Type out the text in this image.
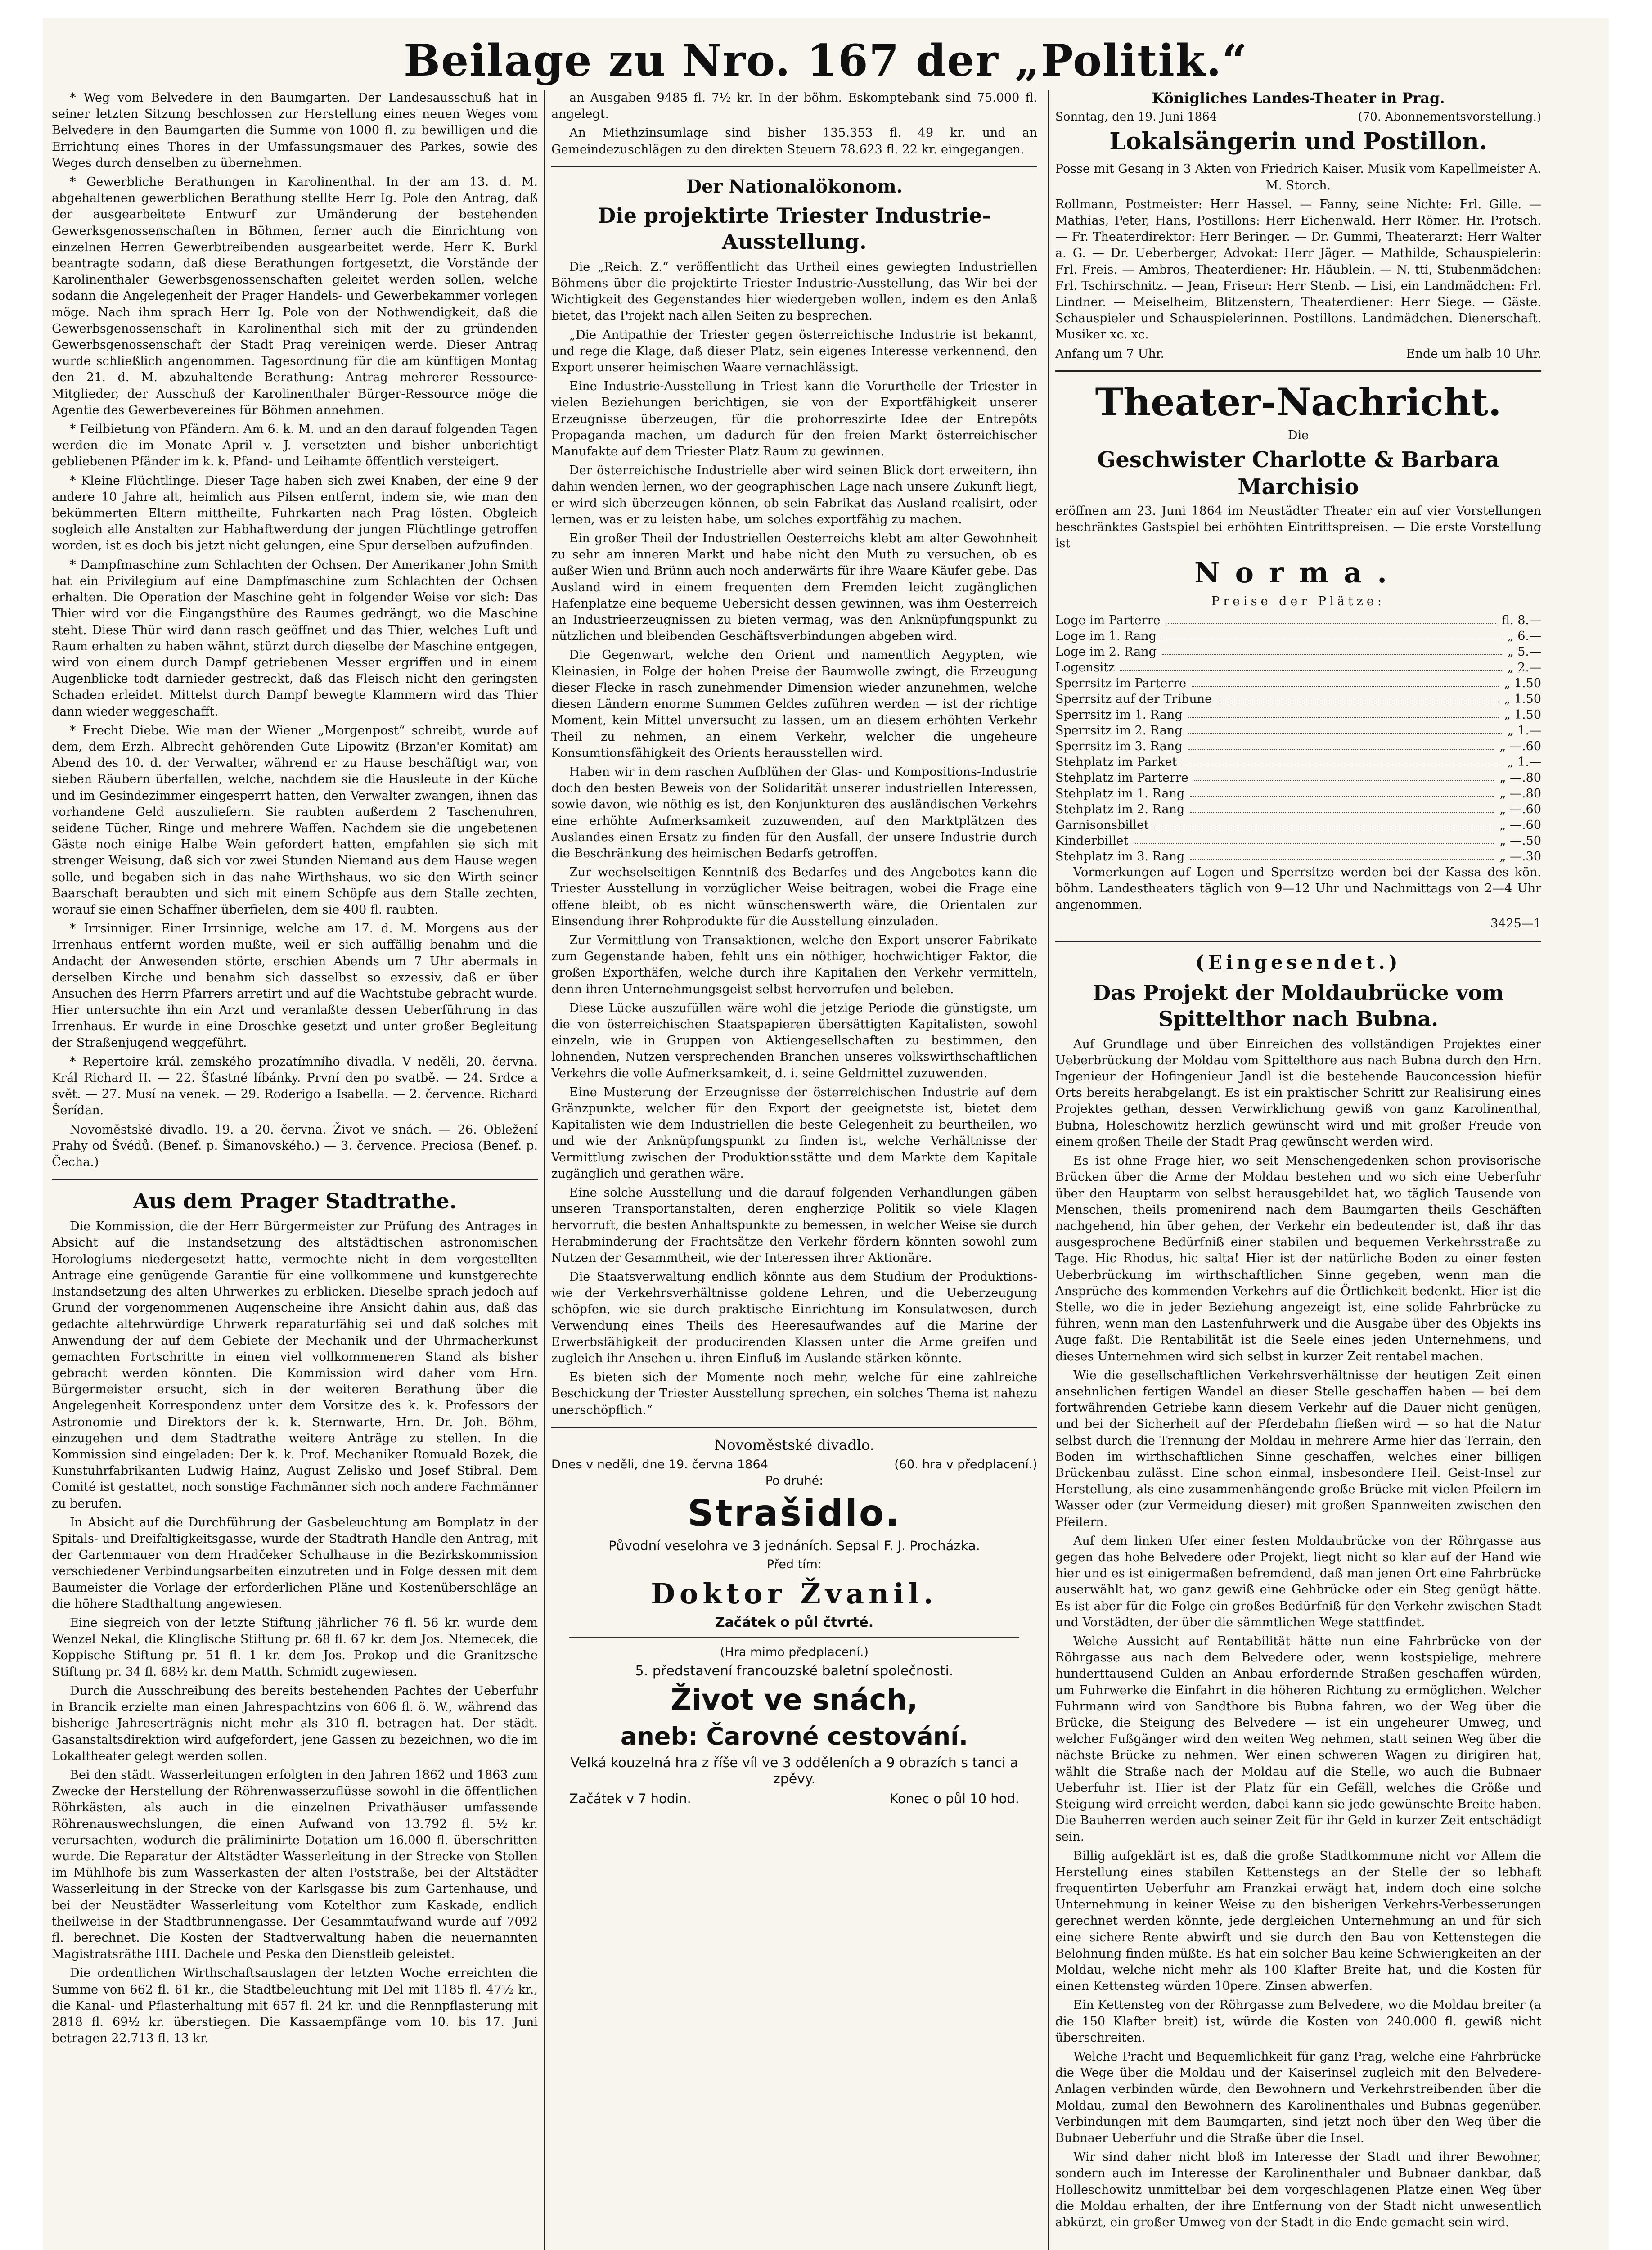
Beilage zu Nro. 167 der „Politik.“

* Weg vom Belvedere in den Baumgarten. Der Landesausschuß hat in seiner letzten Sitzung beschlossen zur Herstellung eines neuen Weges vom Belvedere in den Baumgarten die Summe von 1000 fl. zu bewilligen und die Errichtung eines Thores in der Umfassungsmauer des Parkes, sowie des Weges durch denselben zu übernehmen.

* Gewerbliche Berathungen in Karolinenthal. In der am 13. d. M. abgehaltenen gewerblichen Berathung stellte Herr Ig. Pole den Antrag, daß der ausgearbeitete Entwurf zur Umänderung der bestehenden Gewerksgenossenschaften in Böhmen, ferner auch die Einrichtung von einzelnen Herren Gewerbtreibenden ausgearbeitet werde. Herr K. Burkl beantragte sodann, daß diese Berathungen fortgesetzt, die Vorstände der Karolinenthaler Gewerbsgenossenschaften geleitet werden sollen, welche sodann die Angelegenheit der Prager Handels- und Gewerbekammer vorlegen möge. Nach ihm sprach Herr Ig. Pole von der Nothwendigkeit, daß die Gewerbsgenossenschaft in Karolinenthal sich mit der zu gründenden Gewerbsgenossenschaft der Stadt Prag vereinigen werde. Dieser Antrag wurde schließlich angenommen. Tagesordnung für die am künftigen Montag den 21. d. M. abzuhaltende Berathung: Antrag mehrerer Ressource-Mitglieder, der Ausschuß der Karolinenthaler Bürger-Ressource möge die Agentie des Gewerbevereines für Böhmen annehmen.

* Feilbietung von Pfändern. Am 6. k. M. und an den darauf folgenden Tagen werden die im Monate April v. J. versetzten und bisher unberichtigt gebliebenen Pfänder im k. k. Pfand- und Leihamte öffentlich versteigert.

* Kleine Flüchtlinge. Dieser Tage haben sich zwei Knaben, der eine 9 der andere 10 Jahre alt, heimlich aus Pilsen entfernt, indem sie, wie man den bekümmerten Eltern mittheilte, Fuhrkarten nach Prag lösten. Obgleich sogleich alle Anstalten zur Habhaftwerdung der jungen Flüchtlinge getroffen worden, ist es doch bis jetzt nicht gelungen, eine Spur derselben aufzufinden.

* Dampfmaschine zum Schlachten der Ochsen. Der Amerikaner John Smith hat ein Privilegium auf eine Dampfmaschine zum Schlachten der Ochsen erhalten. Die Operation der Maschine geht in folgender Weise vor sich: Das Thier wird vor die Eingangsthüre des Raumes gedrängt, wo die Maschine steht. Diese Thür wird dann rasch geöffnet und das Thier, welches Luft und Raum erhalten zu haben wähnt, stürzt durch dieselbe der Maschine entgegen, wird von einem durch Dampf getriebenen Messer ergriffen und in einem Augenblicke todt darnieder gestreckt, daß das Fleisch nicht den geringsten Schaden erleidet. Mittelst durch Dampf bewegte Klammern wird das Thier dann wieder weggeschafft.

* Frecht Diebe. Wie man der Wiener „Morgenpost“ schreibt, wurde auf dem, dem Erzh. Albrecht gehörenden Gute Lipowitz (Brzan'er Komitat) am Abend des 10. d. der Verwalter, während er zu Hause beschäftigt war, von sieben Räubern überfallen, welche, nachdem sie die Hausleute in der Küche und im Gesindezimmer eingesperrt hatten, den Verwalter zwangen, ihnen das vorhandene Geld auszuliefern. Sie raubten außerdem 2 Taschenuhren, seidene Tücher, Ringe und mehrere Waffen. Nachdem sie die ungebetenen Gäste noch einige Halbe Wein gefordert hatten, empfahlen sie sich mit strenger Weisung, daß sich vor zwei Stunden Niemand aus dem Hause wegen solle, und begaben sich in das nahe Wirthshaus, wo sie den Wirth seiner Baarschaft beraubten und sich mit einem Schöpfe aus dem Stalle zechten, worauf sie einen Schaffner überfielen, dem sie 400 fl. raubten.

* Irrsinniger. Einer Irrsinnige, welche am 17. d. M. Morgens aus der Irrenhaus entfernt worden mußte, weil er sich auffällig benahm und die Andacht der Anwesenden störte, erschien Abends um 7 Uhr abermals in derselben Kirche und benahm sich dasselbst so exzessiv, daß er über Ansuchen des Herrn Pfarrers arretirt und auf die Wachtstube gebracht wurde. Hier untersuchte ihn ein Arzt und veranlaßte dessen Ueberführung in das Irrenhaus. Er wurde in eine Droschke gesetzt und unter großer Begleitung der Straßenjugend weggeführt.

* Repertoire král. zemského prozatímního divadla. V neděli, 20. června. Král Richard II. — 22. Šťastné líbánky. První den po svatbě. — 24. Srdce a svět. — 27. Musí na venek. — 29. Roderigo a Isabella. — 2. července. Richard Šerídan.

Novoměstské divadlo. 19. a 20. června. Život ve snách. — 26. Obležení Prahy od Švédů. (Benef. p. Šimanovského.) — 3. července. Preciosa (Benef. p. Čecha.)

Aus dem Prager Stadtrathe.

Die Kommission, die der Herr Bürgermeister zur Prüfung des Antrages in Absicht auf die Instandsetzung des altstädtischen astronomischen Horologiums niedergesetzt hatte, vermochte nicht in dem vorgestellten Antrage eine genügende Garantie für eine vollkommene und kunstgerechte Instandsetzung des alten Uhrwerkes zu erblicken. Dieselbe sprach jedoch auf Grund der vorgenommenen Augenscheine ihre Ansicht dahin aus, daß das gedachte altehrwürdige Uhrwerk reparaturfähig sei und daß solches mit Anwendung der auf dem Gebiete der Mechanik und der Uhrmacherkunst gemachten Fortschritte in einen viel vollkommeneren Stand als bisher gebracht werden könnten. Die Kommission wird daher vom Hrn. Bürgermeister ersucht, sich in der weiteren Berathung über die Angelegenheit Korrespondenz unter dem Vorsitze des k. k. Professors der Astronomie und Direktors der k. k. Sternwarte, Hrn. Dr. Joh. Böhm, einzugehen und dem Stadtrathe weitere Anträge zu stellen. In die Kommission sind eingeladen: Der k. k. Prof. Mechaniker Romuald Bozek, die Kunstuhrfabrikanten Ludwig Hainz, August Zelisko und Josef Stibral. Dem Comité ist gestattet, noch sonstige Fachmänner sich noch andere Fachmänner zu berufen.

In Absicht auf die Durchführung der Gasbeleuchtung am Bomplatz in der Spitals- und Dreifaltigkeitsgasse, wurde der Stadtrath Handle den Antrag, mit der Gartenmauer von dem Hradčeker Schulhause in die Bezirkskommission verschiedener Verbindungsarbeiten einzutreten und in Folge dessen mit dem Baumeister die Vorlage der erforderlichen Pläne und Kostenüberschläge an die höhere Stadthaltung angewiesen.

Eine siegreich von der letzte Stiftung jährlicher 76 fl. 56 kr. wurde dem Wenzel Nekal, die Klinglische Stiftung pr. 68 fl. 67 kr. dem Jos. Ntemecek, die Koppische Stiftung pr. 51 fl. 1 kr. dem Jos. Prokop und die Granitzsche Stiftung pr. 34 fl. 68½ kr. dem Matth. Schmidt zugewiesen.

Durch die Ausschreibung des bereits bestehenden Pachtes der Ueberfuhr in Brancik erzielte man einen Jahrespachtzins von 606 fl. ö. W., während das bisherige Jahreserträgnis nicht mehr als 310 fl. betragen hat. Der städt. Gasanstaltsdirektion wird aufgefordert, jene Gassen zu bezeichnen, wo die im Lokaltheater gelegt werden sollen.

Bei den städt. Wasserleitungen erfolgten in den Jahren 1862 und 1863 zum Zwecke der Herstellung der Röhrenwasserzuflüsse sowohl in die öffentlichen Röhrkästen, als auch in die einzelnen Privathäuser umfassende Röhrenauswechslungen, die einen Aufwand von 13.792 fl. 5½ kr. verursachten, wodurch die präliminirte Dotation um 16.000 fl. überschritten wurde. Die Reparatur der Altstädter Wasserleitung in der Strecke von Stollen im Mühlhofe bis zum Wasserkasten der alten Poststraße, bei der Altstädter Wasserleitung in der Strecke von der Karlsgasse bis zum Gartenhause, und bei der Neustädter Wasserleitung vom Kotelthor zum Kaskade, endlich theilweise in der Stadtbrunnengasse. Der Gesammtaufwand wurde auf 7092 fl. berechnet. Die Kosten der Stadtverwaltung haben die neuernannten Magistratsräthe HH. Dachele und Peska den Dienstleib geleistet.

Die ordentlichen Wirthschaftsauslagen der letzten Woche erreichten die Summe von 662 fl. 61 kr., die Stadtbeleuchtung mit Del mit 1185 fl. 47½ kr., die Kanal- und Pflasterhaltung mit 657 fl. 24 kr. und die Rennpflasterung mit 2818 fl. 69½ kr. überstiegen. Die Kassaempfänge vom 10. bis 17. Juni betragen 22.713 fl. 13 kr.

an Ausgaben 9485 fl. 7½ kr. In der böhm. Eskomptebank sind 75.000 fl. angelegt.

An Miethzinsumlage sind bisher 135.353 fl. 49 kr. und an Gemeindezuschlägen zu den direkten Steuern 78.623 fl. 22 kr. eingegangen.

Der Nationalökonom.
Die projektirte Triester Industrie-Ausstellung.

Die „Reich. Z.“ veröffentlicht das Urtheil eines gewiegten Industriellen Böhmens über die projektirte Triester Industrie-Ausstellung, das Wir bei der Wichtigkeit des Gegenstandes hier wiedergeben wollen, indem es den Anlaß bietet, das Projekt nach allen Seiten zu besprechen.

„Die Antipathie der Triester gegen österreichische Industrie ist bekannt, und rege die Klage, daß dieser Platz, sein eigenes Interesse verkennend, den Export unserer heimischen Waare vernachlässigt.

Eine Industrie-Ausstellung in Triest kann die Vorurtheile der Triester in vielen Beziehungen berichtigen, sie von der Exportfähigkeit unserer Erzeugnisse überzeugen, für die prohorreszirte Idee der Entrepôts Propaganda machen, um dadurch für den freien Markt österreichischer Manufakte auf dem Triester Platz Raum zu gewinnen.

Der österreichische Industrielle aber wird seinen Blick dort erweitern, ihn dahin wenden lernen, wo der geographischen Lage nach unsere Zukunft liegt, er wird sich überzeugen können, ob sein Fabrikat das Ausland realisirt, oder lernen, was er zu leisten habe, um solches exportfähig zu machen.

Ein großer Theil der Industriellen Oesterreichs klebt am alter Gewohnheit zu sehr am inneren Markt und habe nicht den Muth zu versuchen, ob es außer Wien und Brünn auch noch anderwärts für ihre Waare Käufer gebe. Das Ausland wird in einem frequenten dem Fremden leicht zugänglichen Hafenplatze eine bequeme Uebersicht dessen gewinnen, was ihm Oesterreich an Industrieerzeugnissen zu bieten vermag, was den Anknüpfungspunkt zu nützlichen und bleibenden Geschäftsverbindungen abgeben wird.

Die Gegenwart, welche den Orient und namentlich Aegypten, wie Kleinasien, in Folge der hohen Preise der Baumwolle zwingt, die Erzeugung dieser Flecke in rasch zunehmender Dimension wieder anzunehmen, welche diesen Ländern enorme Summen Geldes zuführen werden — ist der richtige Moment, kein Mittel unversucht zu lassen, um an diesem erhöhten Verkehr Theil zu nehmen, an einem Verkehr, welcher die ungeheure Konsumtionsfähigkeit des Orients herausstellen wird.

Haben wir in dem raschen Aufblühen der Glas- und Kompositions-Industrie doch den besten Beweis von der Solidarität unserer industriellen Interessen, sowie davon, wie nöthig es ist, den Konjunkturen des ausländischen Verkehrs eine erhöhte Aufmerksamkeit zuzuwenden, auf den Marktplätzen des Auslandes einen Ersatz zu finden für den Ausfall, der unsere Industrie durch die Beschränkung des heimischen Bedarfs getroffen.

Zur wechselseitigen Kenntniß des Bedarfes und des Angebotes kann die Triester Ausstellung in vorzüglicher Weise beitragen, wobei die Frage eine offene bleibt, ob es nicht wünschenswerth wäre, die Orientalen zur Einsendung ihrer Rohprodukte für die Ausstellung einzuladen.

Zur Vermittlung von Transaktionen, welche den Export unserer Fabrikate zum Gegenstande haben, fehlt uns ein nöthiger, hochwichtiger Faktor, die großen Exporthäfen, welche durch ihre Kapitalien den Verkehr vermitteln, denn ihren Unternehmungsgeist selbst hervorrufen und beleben.

Diese Lücke auszufüllen wäre wohl die jetzige Periode die günstigste, um die von österreichischen Staatspapieren übersättigten Kapitalisten, sowohl einzeln, wie in Gruppen von Aktiengesellschaften zu bestimmen, den lohnenden, Nutzen versprechenden Branchen unseres volkswirthschaftlichen Verkehrs die volle Aufmerksamkeit, d. i. seine Geldmittel zuzuwenden.

Eine Musterung der Erzeugnisse der österreichischen Industrie auf dem Gränzpunkte, welcher für den Export der geeignetste ist, bietet dem Kapitalisten wie dem Industriellen die beste Gelegenheit zu beurtheilen, wo und wie der Anknüpfungspunkt zu finden ist, welche Verhältnisse der Vermittlung zwischen der Produktionsstätte und dem Markte dem Kapitale zugänglich und gerathen wäre.

Eine solche Ausstellung und die darauf folgenden Verhandlungen gäben unseren Transportanstalten, deren engherzige Politik so viele Klagen hervorruft, die besten Anhaltspunkte zu bemessen, in welcher Weise sie durch Herabminderung der Frachtsätze den Verkehr fördern könnten sowohl zum Nutzen der Gesammtheit, wie der Interessen ihrer Aktionäre.

Die Staatsverwaltung endlich könnte aus dem Studium der Produktions- wie der Verkehrsverhältnisse goldene Lehren, und die Ueberzeugung schöpfen, wie sie durch praktische Einrichtung im Konsulatwesen, durch Verwendung eines Theils des Heeresaufwandes auf die Marine der Erwerbsfähigkeit der producirenden Klassen unter die Arme greifen und zugleich ihr Ansehen u. ihren Einfluß im Auslande stärken könnte.

Es bieten sich der Momente noch mehr, welche für eine zahlreiche Beschickung der Triester Ausstellung sprechen, ein solches Thema ist nahezu unerschöpflich.“

Novoměstské divadlo.

Dnes v neděli, dne 19. června 1864	(60. hra v předplacení.)

Po druhé:

Strašidlo.

Původní veselohra ve 3 jednáních. Sepsal F. J. Procházka.

Před tím:

Doktor Žvanil.

Začátek o půl čtvrté.

(Hra mimo předplacení.)

5. představení francouzské baletní společnosti.

Život ve snách,

aneb: Čarovné cestování.

Velká kouzelná hra z říše víl ve 3 odděleních a 9 obrazích s tanci a zpěvy.

Začátek v 7 hodin.	Konec o půl 10 hod.

Königliches Landes-Theater in Prag.

Sonntag, den 19. Juni 1864	(70. Abonnementsvorstellung.)

Lokalsängerin und Postillon.

Posse mit Gesang in 3 Akten von Friedrich Kaiser. Musik vom Kapellmeister A. M. Storch.

Rollmann, Postmeister: Herr Hassel. — Fanny, seine Nichte: Frl. Gille. — Mathias, Peter, Hans, Postillons: Herr Eichenwald. Herr Römer. Hr. Protsch. — Fr. Theaterdirektor: Herr Beringer. — Dr. Gummi, Theaterarzt: Herr Walter a. G. — Dr. Ueberberger, Advokat: Herr Jäger. — Mathilde, Schauspielerin: Frl. Freis. — Ambros, Theaterdiener: Hr. Häublein. — N. tti, Stubenmädchen: Frl. Tschirschnitz. — Jean, Friseur: Herr Stenb. — Lisi, ein Landmädchen: Frl. Lindner. — Meiselheim, Blitzenstern, Theaterdiener: Herr Siege. — Gäste. Schauspieler und Schauspielerinnen. Postillons. Landmädchen. Dienerschaft. Musiker xc. xc.

Anfang um 7 Uhr.	Ende um halb 10 Uhr.

Theater-Nachricht.

Die

Geschwister Charlotte & Barbara Marchisio

eröffnen am 23. Juni 1864 im Neustädter Theater ein auf vier Vorstellungen beschränktes Gastspiel bei erhöhten Eintrittspreisen. — Die erste Vorstellung ist

Norma.

Preise der Plätze:

Loge im Parterre	fl. 8.—
Loge im 1. Rang	„ 6.—
Loge im 2. Rang	„ 5.—
Logensitz	„ 2.—
Sperrsitz im Parterre	„ 1.50
Sperrsitz auf der Tribune	„ 1.50
Sperrsitz im 1. Rang	„ 1.50
Sperrsitz im 2. Rang	„ 1.—
Sperrsitz im 3. Rang	„ —.60
Stehplatz im Parket	„ 1.—
Stehplatz im Parterre	„ —.80
Stehplatz im 1. Rang	„ —.80
Stehplatz im 2. Rang	„ —.60
Garnisonsbillet	„ —.60
Kinderbillet	„ —.50
Stehplatz im 3. Rang	„ —.30

Vormerkungen auf Logen und Sperrsitze werden bei der Kassa des kön. böhm. Landestheaters täglich von 9—12 Uhr und Nachmittags von 2—4 Uhr angenommen.

3425—1

(Eingesendet.)

Das Projekt der Moldaubrücke vom Spittelthor nach Bubna.

Auf Grundlage und über Einreichen des vollständigen Projektes einer Ueberbrückung der Moldau vom Spittelthore aus nach Bubna durch den Hrn. Ingenieur der Hofingenieur Jandl ist die bestehende Bauconcession hiefür Orts bereits herabgelangt. Es ist ein praktischer Schritt zur Realisirung eines Projektes gethan, dessen Verwirklichung gewiß von ganz Karolinenthal, Bubna, Holeschowitz herzlich gewünscht wird und mit großer Freude von einem großen Theile der Stadt Prag gewünscht werden wird.

Es ist ohne Frage hier, wo seit Menschengedenken schon provisorische Brücken über die Arme der Moldau bestehen und wo sich eine Ueberfuhr über den Hauptarm von selbst herausgebildet hat, wo täglich Tausende von Menschen, theils promenirend nach dem Baumgarten theils Geschäften nachgehend, hin über gehen, der Verkehr ein bedeutender ist, daß ihr das ausgesprochene Bedürfniß einer stabilen und bequemen Verkehrsstraße zu Tage. Hic Rhodus, hic salta! Hier ist der natürliche Boden zu einer festen Ueberbrückung im wirthschaftlichen Sinne gegeben, wenn man die Ansprüche des kommenden Verkehrs auf die Örtlichkeit bedenkt. Hier ist die Stelle, wo die in jeder Beziehung angezeigt ist, eine solide Fahrbrücke zu führen, wenn man den Lastenfuhrwerk und die Ausgabe über des Objekts ins Auge faßt. Die Rentabilität ist die Seele eines jeden Unternehmens, und dieses Unternehmen wird sich selbst in kurzer Zeit rentabel machen.

Wie die gesellschaftlichen Verkehrsverhältnisse der heutigen Zeit einen ansehnlichen fertigen Wandel an dieser Stelle geschaffen haben — bei dem fortwährenden Getriebe kann diesem Verkehr auf die Dauer nicht genügen, und bei der Sicherheit auf der Pferdebahn fließen wird — so hat die Natur selbst durch die Trennung der Moldau in mehrere Arme hier das Terrain, den Boden im wirthschaftlichen Sinne geschaffen, welches einer billigen Brückenbau zulässt. Eine schon einmal, insbesondere Heil. Geist-Insel zur Herstellung, als eine zusammenhängende große Brücke mit vielen Pfeilern im Wasser oder (zur Vermeidung dieser) mit großen Spannweiten zwischen den Pfeilern.

Auf dem linken Ufer einer festen Moldaubrücke von der Röhrgasse aus gegen das hohe Belvedere oder Projekt, liegt nicht so klar auf der Hand wie hier und es ist einigermaßen befremdend, daß man jenen Ort eine Fahrbrücke auserwählt hat, wo ganz gewiß eine Gehbrücke oder ein Steg genügt hätte. Es ist aber für die Folge ein großes Bedürfniß für den Verkehr zwischen Stadt und Vorstädten, der über die sämmtlichen Wege stattfindet.

Welche Aussicht auf Rentabilität hätte nun eine Fahrbrücke von der Röhrgasse aus nach dem Belvedere oder, wenn kostspielige, mehrere hunderttausend Gulden an Anbau erfordernde Straßen geschaffen würden, um Fuhrwerke die Einfahrt in die höheren Richtung zu ermöglichen. Welcher Fuhrmann wird von Sandthore bis Bubna fahren, wo der Weg über die Brücke, die Steigung des Belvedere — ist ein ungeheurer Umweg, und welcher Fußgänger wird den weiten Weg nehmen, statt seinen Weg über die nächste Brücke zu nehmen. Wer einen schweren Wagen zu dirigiren hat, wählt die Straße nach der Moldau auf die Stelle, wo auch die Bubnaer Ueberfuhr ist. Hier ist der Platz für ein Gefäll, welches die Größe und Steigung wird erreicht werden, dabei kann sie jede gewünschte Breite haben. Die Bauherren werden auch seiner Zeit für ihr Geld in kurzer Zeit entschädigt sein.

Billig aufgeklärt ist es, daß die große Stadtkommune nicht vor Allem die Herstellung eines stabilen Kettenstegs an der Stelle der so lebhaft frequentirten Ueberfuhr am Franzkai erwägt hat, indem doch eine solche Unternehmung in keiner Weise zu den bisherigen Verkehrs-Verbesserungen gerechnet werden könnte, jede dergleichen Unternehmung an und für sich eine sichere Rente abwirft und sie durch den Bau von Kettenstegen die Belohnung finden müßte. Es hat ein solcher Bau keine Schwierigkeiten an der Moldau, welche nicht mehr als 100 Klafter Breite hat, und die Kosten für einen Kettensteg würden 10pere. Zinsen abwerfen.

Ein Kettensteg von der Röhrgasse zum Belvedere, wo die Moldau breiter (a die 150 Klafter breit) ist, würde die Kosten von 240.000 fl. gewiß nicht überschreiten.

Welche Pracht und Bequemlichkeit für ganz Prag, welche eine Fahrbrücke die Wege über die Moldau und der Kaiserinsel zugleich mit den Belvedere-Anlagen verbinden würde, den Bewohnern und Verkehrstreibenden über die Moldau, zumal den Bewohnern des Karolinenthales und Bubnas gegenüber. Verbindungen mit dem Baumgarten, sind jetzt noch über den Weg über die Bubnaer Ueberfuhr und die Straße über die Insel.

Wir sind daher nicht bloß im Interesse der Stadt und ihrer Bewohner, sondern auch im Interesse der Karolinenthaler und Bubnaer dankbar, daß Holleschowitz unmittelbar bei dem vorgeschlagenen Platze einen Weg über die Moldau erhalten, der ihre Entfernung von der Stadt nicht unwesentlich abkürzt, ein großer Umweg von der Stadt in die Ende gemacht sein wird.
